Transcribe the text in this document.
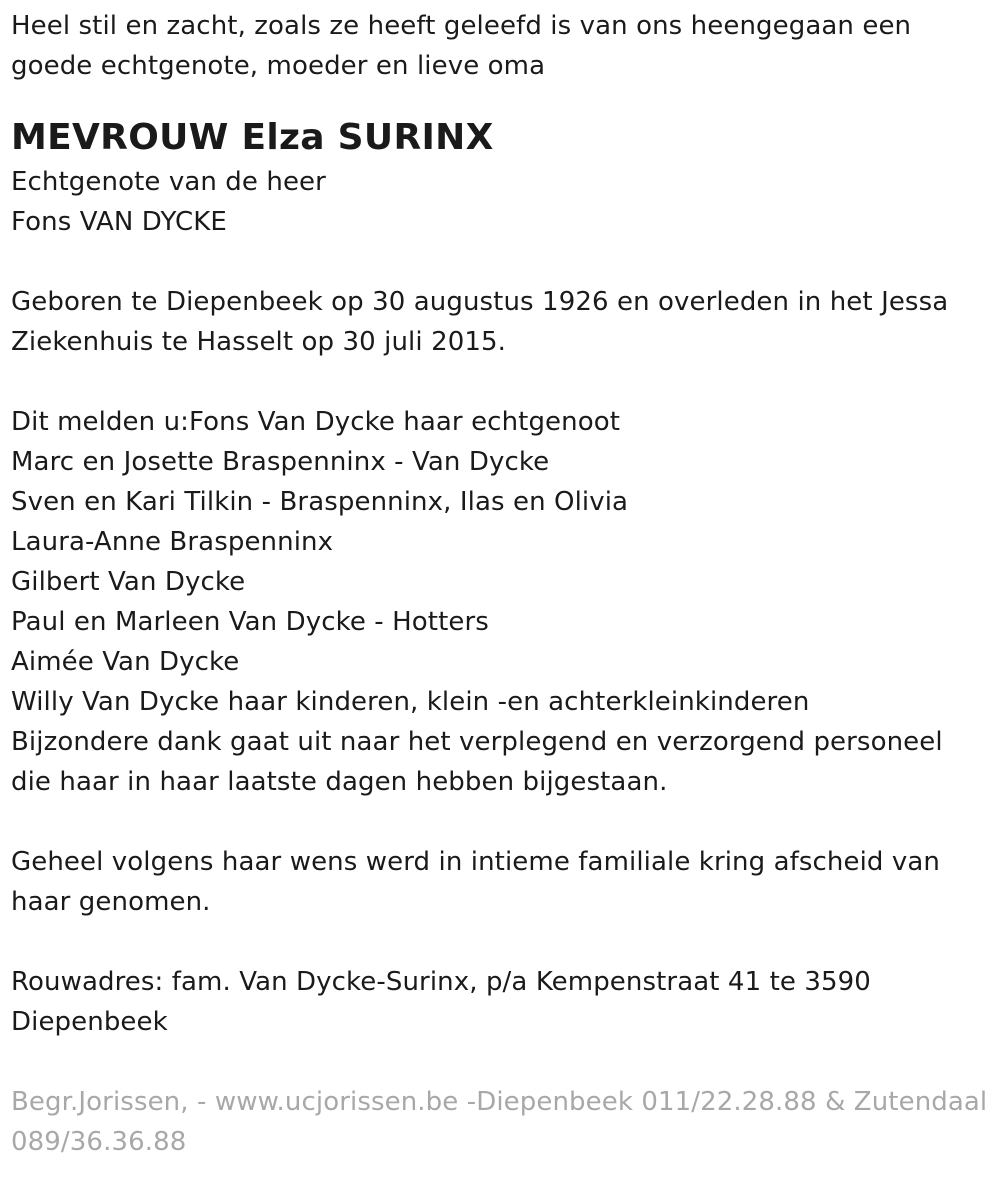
Heel stil en zacht, zoals ze heeft geleefd is van ons heengegaan een
goede echtgenote, moeder en lieve oma
MEVROUW Elza SURINX
Echtgenote van de heer
Fons VAN DYCKE
Geboren te Diepenbeek op 30 augustus 1926 en overleden in het Jessa
Ziekenhuis te Hasselt op 30 juli 2015.
Dit melden u:Fons Van Dycke haar echtgenoot
Marc en Josette Braspenninx - Van Dycke
Sven en Kari Tilkin - Braspenninx, Ilas en Olivia
Laura-Anne Braspenninx
Gilbert Van Dycke
Paul en Marleen Van Dycke - Hotters
Aimée Van Dycke
Willy Van Dycke haar kinderen, klein -en achterkleinkinderen
Bijzondere dank gaat uit naar het verplegend en verzorgend personeel
die haar in haar laatste dagen hebben bijgestaan.
Geheel volgens haar wens werd in intieme familiale kring afscheid van
haar genomen.
Rouwadres: fam. Van Dycke-Surinx, p/a Kempenstraat 41 te 3590
Diepenbeek
Begr.Jorissen, - www.ucjorissen.be -Diepenbeek 011/22.28.88 & Zutendaal
089/36.36.88
